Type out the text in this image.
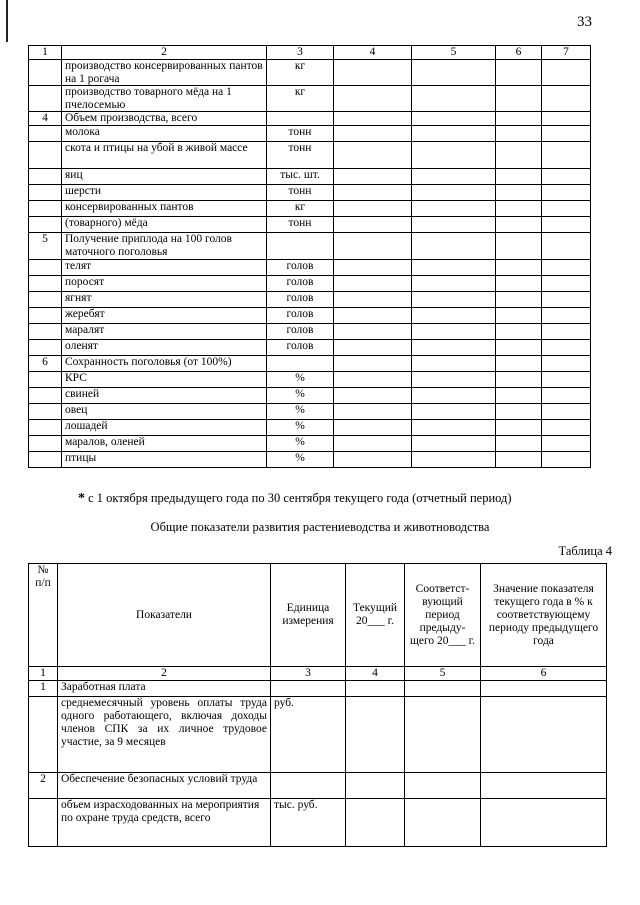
33
1	2	3	4	5	6	7
	производство консервированных пантов на 1 рогача	кг				
	производство товарного мёда на 1 пчелосемью	кг				
4	Объем производства, всего					
	молока	тонн				
	скота и птицы на убой в живой массе	тонн				
	яиц	тыс. шт.				
	шерсти	тонн				
	консервированных пантов	кг				
	(товарного) мёда	тонн				
5	Получение приплода на 100 голов маточного поголовья					
	телят	голов				
	поросят	голов				
	ягнят	голов				
	жеребят	голов				
	маралят	голов				
	оленят	голов				
6	Сохранность поголовья (от 100%)					
	КРС	%				
	свиней	%				
	овец	%				
	лошадей	%				
	маралов, оленей	%				
	птицы	%				
* с 1 октября предыдущего года по 30 сентября текущего года (отчетный период)
Общие показатели развития растениеводства и животноводства
Таблица 4
№ п/п	Показатели	Единица измерения	Текущий 20___ г.	Соответст-вующий период предыду-щего 20___ г.	Значение показателя текущего года в % к соответствующему периоду предыдущего года
1	2	3	4	5	6
1	Заработная плата				
	среднемесячный уровень оплаты труда одного работающего, включая доходы членов СПК за их личное трудовое участие, за 9 месяцев	руб.			
2	Обеспечение безопасных условий труда				
	объем израсходованных на мероприятия по охране труда средств, всего	тыс. руб.			
